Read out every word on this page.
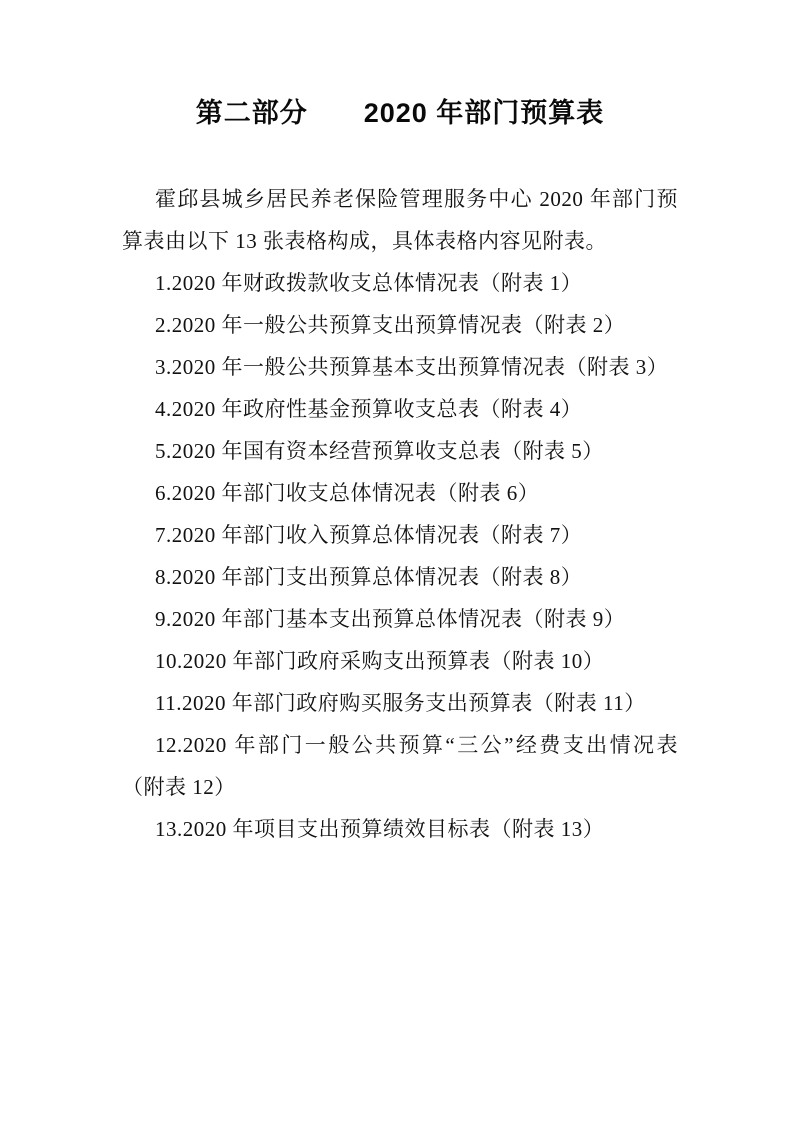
第二部分　　2020 年部门预算表

霍邱县城乡居民养老保险管理服务中心 2020 年部门预算表由以下 13 张表格构成，具体表格内容见附表。

1.2020 年财政拨款收支总体情况表（附表 1）

2.2020 年一般公共预算支出预算情况表（附表 2）

3.2020 年一般公共预算基本支出预算情况表（附表 3）

4.2020 年政府性基金预算收支总表（附表 4）

5.2020 年国有资本经营预算收支总表（附表 5）

6.2020 年部门收支总体情况表（附表 6）

7.2020 年部门收入预算总体情况表（附表 7）

8.2020 年部门支出预算总体情况表（附表 8）

9.2020 年部门基本支出预算总体情况表（附表 9）

10.2020 年部门政府采购支出预算表（附表 10）

11.2020 年部门政府购买服务支出预算表（附表 11）

12.2020 年部门一般公共预算“三公”经费支出情况表（附表 12）

13.2020 年项目支出预算绩效目标表（附表 13）
